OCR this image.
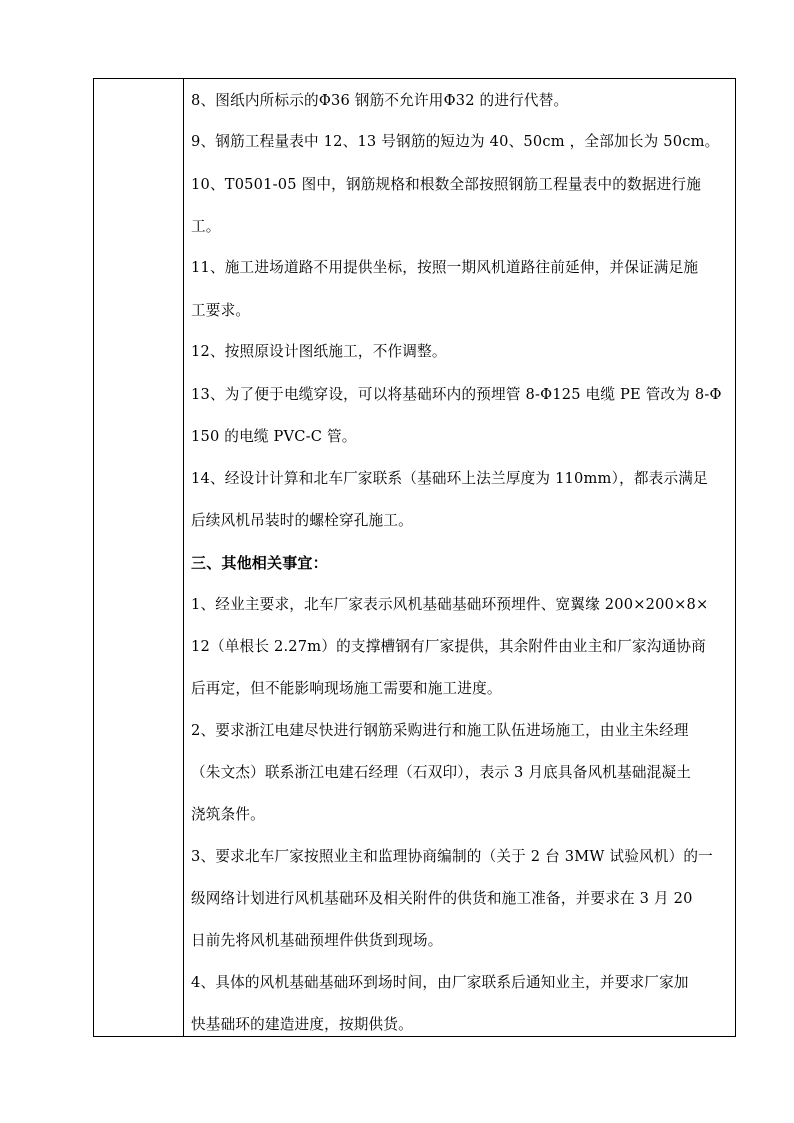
8、图纸内所标示的Φ36 钢筋不允许用Φ32 的进行代替。
9、钢筋工程量表中 12、13 号钢筋的短边为 40、50cm ，全部加长为 50cm。
10、T0501-05 图中，钢筋规格和根数全部按照钢筋工程量表中的数据进行施
工。
11、施工进场道路不用提供坐标，按照一期风机道路往前延伸，并保证满足施
工要求。
12、按照原设计图纸施工，不作调整。
13、为了便于电缆穿设，可以将基础环内的预埋管 8-Φ125 电缆 PE 管改为 8-Φ
150 的电缆 PVC-C 管。
14、经设计计算和北车厂家联系（基础环上法兰厚度为 110mm），都表示满足
后续风机吊装时的螺栓穿孔施工。
三、其他相关事宜：
1、经业主要求，北车厂家表示风机基础基础环预埋件、宽翼缘 200×200×8×
12（单根长 2.27m）的支撑槽钢有厂家提供，其余附件由业主和厂家沟通协商
后再定，但不能影响现场施工需要和施工进度。
2、要求浙江电建尽快进行钢筋采购进行和施工队伍进场施工，由业主朱经理
（朱文杰）联系浙江电建石经理（石双印），表示 3 月底具备风机基础混凝土
浇筑条件。
3、要求北车厂家按照业主和监理协商编制的（关于 2 台 3MW 试验风机）的一
级网络计划进行风机基础环及相关附件的供货和施工准备，并要求在 3 月 20
日前先将风机基础预埋件供货到现场。
4、具体的风机基础基础环到场时间，由厂家联系后通知业主，并要求厂家加
快基础环的建造进度，按期供货。
